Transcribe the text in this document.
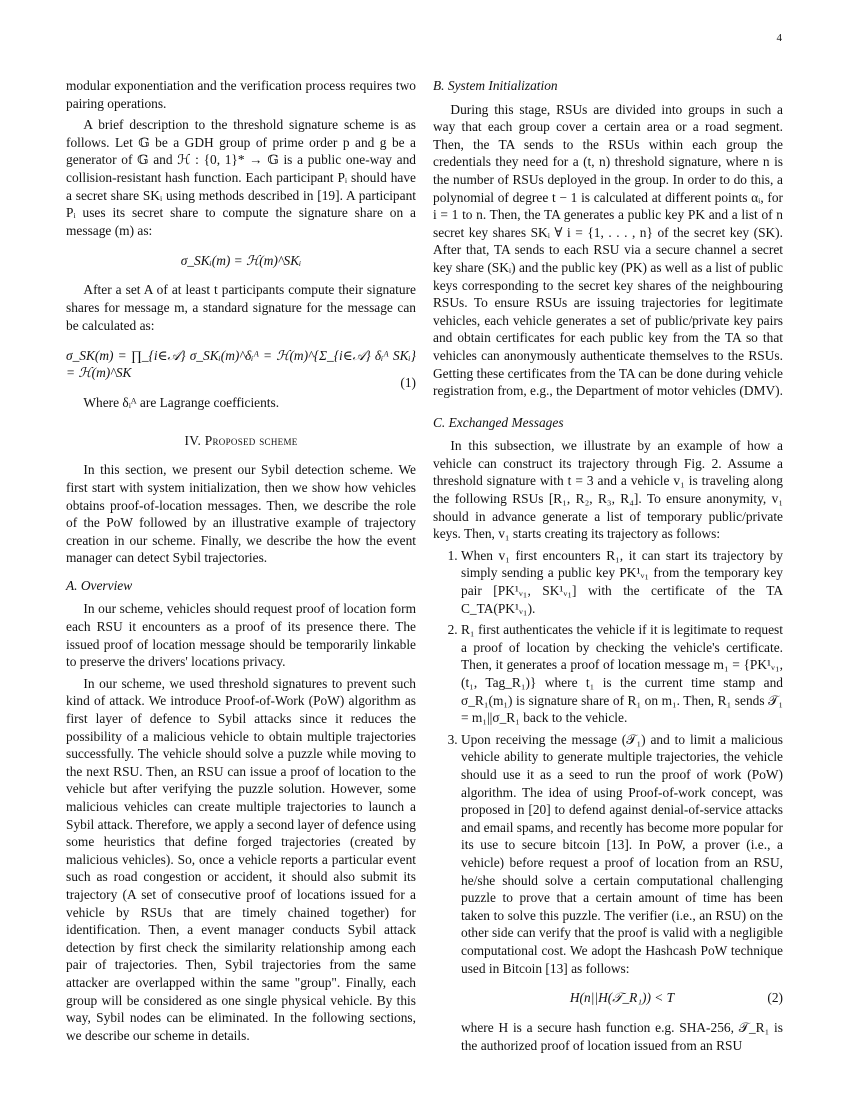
4

modular exponentiation and the verification process requires two pairing operations.

A brief description to the threshold signature scheme is as follows. Let 𝔾 be a GDH group of prime order p and g be a generator of 𝔾 and ℋ : {0, 1}* → 𝔾 is a public one-way and collision-resistant hash function. Each participant Pᵢ should have a secret share SKᵢ using methods described in [19]. A participant Pᵢ uses its secret share to compute the signature share on a message (m) as:

σ_SKᵢ(m) = ℋ(m)^SKᵢ

After a set A of at least t participants compute their signature shares for message m, a standard signature for the message can be calculated as:

σ_SK(m) = ∏_{i∈𝒜} σ_SKᵢ(m)^δᵢᴬ = ℋ(m)^{Σ_{i∈𝒜} δᵢᴬ SKᵢ} = ℋ(m)^SK
(1)

Where δᵢᴬ are Lagrange coefficients.

IV. Proposed scheme

In this section, we present our Sybil detection scheme. We first start with system initialization, then we show how vehicles obtains proof-of-location messages. Then, we describe the role of the PoW followed by an illustrative example of trajectory creation in our scheme. Finally, we describe the how the event manager can detect Sybil trajectories.

A. Overview

In our scheme, vehicles should request proof of location form each RSU it encounters as a proof of its presence there. The issued proof of location message should be temporarily linkable to preserve the drivers' locations privacy.

In our scheme, we used threshold signatures to prevent such kind of attack. We introduce Proof-of-Work (PoW) algorithm as first layer of defence to Sybil attacks since it reduces the possibility of a malicious vehicle to obtain multiple trajectories successfully. The vehicle should solve a puzzle while moving to the next RSU. Then, an RSU can issue a proof of location to the vehicle but after verifying the puzzle solution. However, some malicious vehicles can create multiple trajectories to launch a Sybil attack. Therefore, we apply a second layer of defence using some heuristics that define forged trajectories (created by malicious vehicles). So, once a vehicle reports a particular event such as road congestion or accident, it should also submit its trajectory (A set of consecutive proof of locations issued for a vehicle by RSUs that are timely chained together) for identification. Then, a event manager conducts Sybil attack detection by first check the similarity relationship among each pair of trajectories. Then, Sybil trajectories from the same attacker are overlapped within the same "group". Finally, each group will be considered as one single physical vehicle. By this way, Sybil nodes can be eliminated. In the following sections, we describe our scheme in details.

B. System Initialization

During this stage, RSUs are divided into groups in such a way that each group cover a certain area or a road segment. Then, the TA sends to the RSUs within each group the credentials they need for a (t, n) threshold signature, where n is the number of RSUs deployed in the group. In order to do this, a polynomial of degree t − 1 is calculated at different points αᵢ, for i = 1 to n. Then, the TA generates a public key PK and a list of n secret key shares SKᵢ ∀ i = {1, . . . , n} of the secret key (SK). After that, TA sends to each RSU via a secure channel a secret key share (SKᵢ) and the public key (PK) as well as a list of public keys corresponding to the secret key shares of the neighbouring RSUs. To ensure RSUs are issuing trajectories for legitimate vehicles, each vehicle generates a set of public/private key pairs and obtain certificates for each public key from the TA so that vehicles can anonymously authenticate themselves to the RSUs. Getting these certificates from the TA can be done during vehicle registration from, e.g., the Department of motor vehicles (DMV).

C. Exchanged Messages

In this subsection, we illustrate by an example of how a vehicle can construct its trajectory through Fig. 2. Assume a threshold signature with t = 3 and a vehicle v₁ is traveling along the following RSUs [R₁, R₂, R₃, R₄]. To ensure anonymity, v₁ should in advance generate a list of temporary public/private keys. Then, v₁ starts creating its trajectory as follows:

1. When v₁ first encounters R₁, it can start its trajectory by simply sending a public key PK¹ᵥ₁ from the temporary key pair [PK¹ᵥ₁, SK¹ᵥ₁] with the certificate of the TA C_TA(PK¹ᵥ₁).
2. R₁ first authenticates the vehicle if it is legitimate to request a proof of location by checking the vehicle's certificate. Then, it generates a proof of location message m₁ = {PK¹ᵥ₁, (t₁, Tag_R₁)} where t₁ is the current time stamp and σ_R₁(m₁) is signature share of R₁ on m₁. Then, R₁ sends 𝒯₁ = m₁||σ_R₁ back to the vehicle.
3. Upon receiving the message (𝒯₁) and to limit a malicious vehicle ability to generate multiple trajectories, the vehicle should use it as a seed to run the proof of work (PoW) algorithm. The idea of using Proof-of-work concept, was proposed in [20] to defend against denial-of-service attacks and email spams, and recently has become more popular for its use to secure bitcoin [13]. In PoW, a prover (i.e., a vehicle) before request a proof of location from an RSU, he/she should solve a certain computational challenging puzzle to prove that a certain amount of time has been taken to solve this puzzle. The verifier (i.e., an RSU) on the other side can verify that the proof is valid with a negligible computational cost. We adopt the Hashcash PoW technique used in Bitcoin [13] as follows:
H(n||H(𝒯_R₁)) < T	(2)
where H is a secure hash function e.g. SHA-256, 𝒯_R₁ is the authorized proof of location issued from an RSU
